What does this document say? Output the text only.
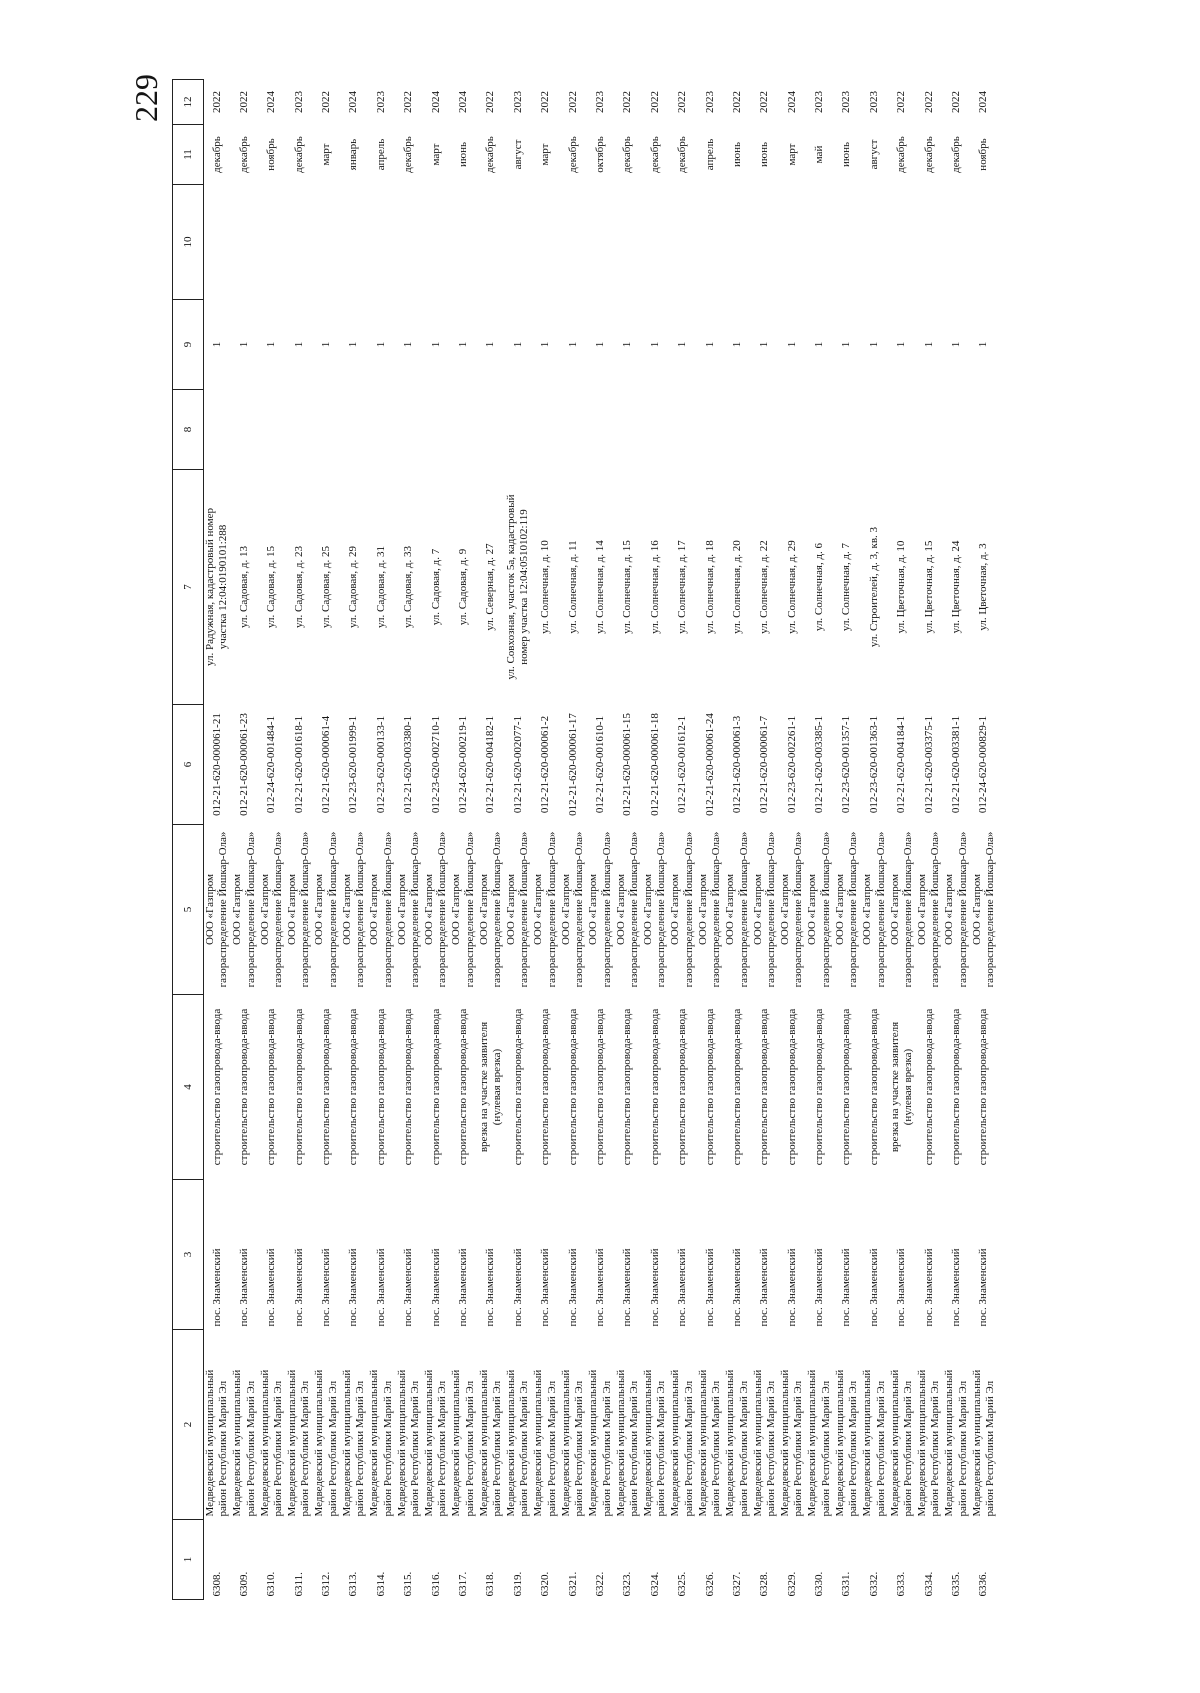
229
1	2	3	4	5	6	7	8	9	10	11	12
6308.	Медведевский муниципальный
район Республики Марий Эл	пос. Знаменский	строительство газопровода-ввода	ООО «Газпром
газораспределение Йошкар-Ола»	012-21-620-000061-21	ул. Радужная, кадастровый номер
участка 12:04:0190101:288		1		декабрь	2022
6309.	Медведевский муниципальный
район Республики Марий Эл	пос. Знаменский	строительство газопровода-ввода	ООО «Газпром
газораспределение Йошкар-Ола»	012-21-620-000061-23	ул. Садовая, д. 13		1		декабрь	2022
6310.	Медведевский муниципальный
район Республики Марий Эл	пос. Знаменский	строительство газопровода-ввода	ООО «Газпром
газораспределение Йошкар-Ола»	012-24-620-001484-1	ул. Садовая, д. 15		1		ноябрь	2024
6311.	Медведевский муниципальный
район Республики Марий Эл	пос. Знаменский	строительство газопровода-ввода	ООО «Газпром
газораспределение Йошкар-Ола»	012-21-620-001618-1	ул. Садовая, д. 23		1		декабрь	2023
6312.	Медведевский муниципальный
район Республики Марий Эл	пос. Знаменский	строительство газопровода-ввода	ООО «Газпром
газораспределение Йошкар-Ола»	012-21-620-000061-4	ул. Садовая, д. 25		1		март	2022
6313.	Медведевский муниципальный
район Республики Марий Эл	пос. Знаменский	строительство газопровода-ввода	ООО «Газпром
газораспределение Йошкар-Ола»	012-23-620-001999-1	ул. Садовая, д. 29		1		январь	2024
6314.	Медведевский муниципальный
район Республики Марий Эл	пос. Знаменский	строительство газопровода-ввода	ООО «Газпром
газораспределение Йошкар-Ола»	012-23-620-000133-1	ул. Садовая, д. 31		1		апрель	2023
6315.	Медведевский муниципальный
район Республики Марий Эл	пос. Знаменский	строительство газопровода-ввода	ООО «Газпром
газораспределение Йошкар-Ола»	012-21-620-003380-1	ул. Садовая, д. 33		1		декабрь	2022
6316.	Медведевский муниципальный
район Республики Марий Эл	пос. Знаменский	строительство газопровода-ввода	ООО «Газпром
газораспределение Йошкар-Ола»	012-23-620-002710-1	ул. Садовая, д. 7		1		март	2024
6317.	Медведевский муниципальный
район Республики Марий Эл	пос. Знаменский	строительство газопровода-ввода	ООО «Газпром
газораспределение Йошкар-Ола»	012-24-620-000219-1	ул. Садовая, д. 9		1		июнь	2024
6318.	Медведевский муниципальный
район Республики Марий Эл	пос. Знаменский	врезка на участке заявителя
(нулевая врезка)	ООО «Газпром
газораспределение Йошкар-Ола»	012-21-620-004182-1	ул. Северная, д. 27		1		декабрь	2022
6319.	Медведевский муниципальный
район Республики Марий Эл	пос. Знаменский	строительство газопровода-ввода	ООО «Газпром
газораспределение Йошкар-Ола»	012-21-620-002077-1	ул. Совхозная, участок 5а, кадастровый
номер участка 12:04:0510102:119		1		август	2023
6320.	Медведевский муниципальный
район Республики Марий Эл	пос. Знаменский	строительство газопровода-ввода	ООО «Газпром
газораспределение Йошкар-Ола»	012-21-620-000061-2	ул. Солнечная, д. 10		1		март	2022
6321.	Медведевский муниципальный
район Республики Марий Эл	пос. Знаменский	строительство газопровода-ввода	ООО «Газпром
газораспределение Йошкар-Ола»	012-21-620-000061-17	ул. Солнечная, д. 11		1		декабрь	2022
6322.	Медведевский муниципальный
район Республики Марий Эл	пос. Знаменский	строительство газопровода-ввода	ООО «Газпром
газораспределение Йошкар-Ола»	012-21-620-001610-1	ул. Солнечная, д. 14		1		октябрь	2023
6323.	Медведевский муниципальный
район Республики Марий Эл	пос. Знаменский	строительство газопровода-ввода	ООО «Газпром
газораспределение Йошкар-Ола»	012-21-620-000061-15	ул. Солнечная, д. 15		1		декабрь	2022
6324.	Медведевский муниципальный
район Республики Марий Эл	пос. Знаменский	строительство газопровода-ввода	ООО «Газпром
газораспределение Йошкар-Ола»	012-21-620-000061-18	ул. Солнечная, д. 16		1		декабрь	2022
6325.	Медведевский муниципальный
район Республики Марий Эл	пос. Знаменский	строительство газопровода-ввода	ООО «Газпром
газораспределение Йошкар-Ола»	012-21-620-001612-1	ул. Солнечная, д. 17		1		декабрь	2022
6326.	Медведевский муниципальный
район Республики Марий Эл	пос. Знаменский	строительство газопровода-ввода	ООО «Газпром
газораспределение Йошкар-Ола»	012-21-620-000061-24	ул. Солнечная, д. 18		1		апрель	2023
6327.	Медведевский муниципальный
район Республики Марий Эл	пос. Знаменский	строительство газопровода-ввода	ООО «Газпром
газораспределение Йошкар-Ола»	012-21-620-000061-3	ул. Солнечная, д. 20		1		июнь	2022
6328.	Медведевский муниципальный
район Республики Марий Эл	пос. Знаменский	строительство газопровода-ввода	ООО «Газпром
газораспределение Йошкар-Ола»	012-21-620-000061-7	ул. Солнечная, д. 22		1		июнь	2022
6329.	Медведевский муниципальный
район Республики Марий Эл	пос. Знаменский	строительство газопровода-ввода	ООО «Газпром
газораспределение Йошкар-Ола»	012-23-620-002261-1	ул. Солнечная, д. 29		1		март	2024
6330.	Медведевский муниципальный
район Республики Марий Эл	пос. Знаменский	строительство газопровода-ввода	ООО «Газпром
газораспределение Йошкар-Ола»	012-21-620-003385-1	ул. Солнечная, д. 6		1		май	2023
6331.	Медведевский муниципальный
район Республики Марий Эл	пос. Знаменский	строительство газопровода-ввода	ООО «Газпром
газораспределение Йошкар-Ола»	012-23-620-001357-1	ул. Солнечная, д. 7		1		июнь	2023
6332.	Медведевский муниципальный
район Республики Марий Эл	пос. Знаменский	строительство газопровода-ввода	ООО «Газпром
газораспределение Йошкар-Ола»	012-23-620-001363-1	ул. Строителей, д. 3, кв. 3		1		август	2023
6333.	Медведевский муниципальный
район Республики Марий Эл	пос. Знаменский	врезка на участке заявителя
(нулевая врезка)	ООО «Газпром
газораспределение Йошкар-Ола»	012-21-620-004184-1	ул. Цветочная, д. 10		1		декабрь	2022
6334.	Медведевский муниципальный
район Республики Марий Эл	пос. Знаменский	строительство газопровода-ввода	ООО «Газпром
газораспределение Йошкар-Ола»	012-21-620-003375-1	ул. Цветочная, д. 15		1		декабрь	2022
6335.	Медведевский муниципальный
район Республики Марий Эл	пос. Знаменский	строительство газопровода-ввода	ООО «Газпром
газораспределение Йошкар-Ола»	012-21-620-003381-1	ул. Цветочная, д. 24		1		декабрь	2022
6336.	Медведевский муниципальный
район Республики Марий Эл	пос. Знаменский	строительство газопровода-ввода	ООО «Газпром
газораспределение Йошкар-Ола»	012-24-620-000829-1	ул. Цветочная, д. 3		1		ноябрь	2024
